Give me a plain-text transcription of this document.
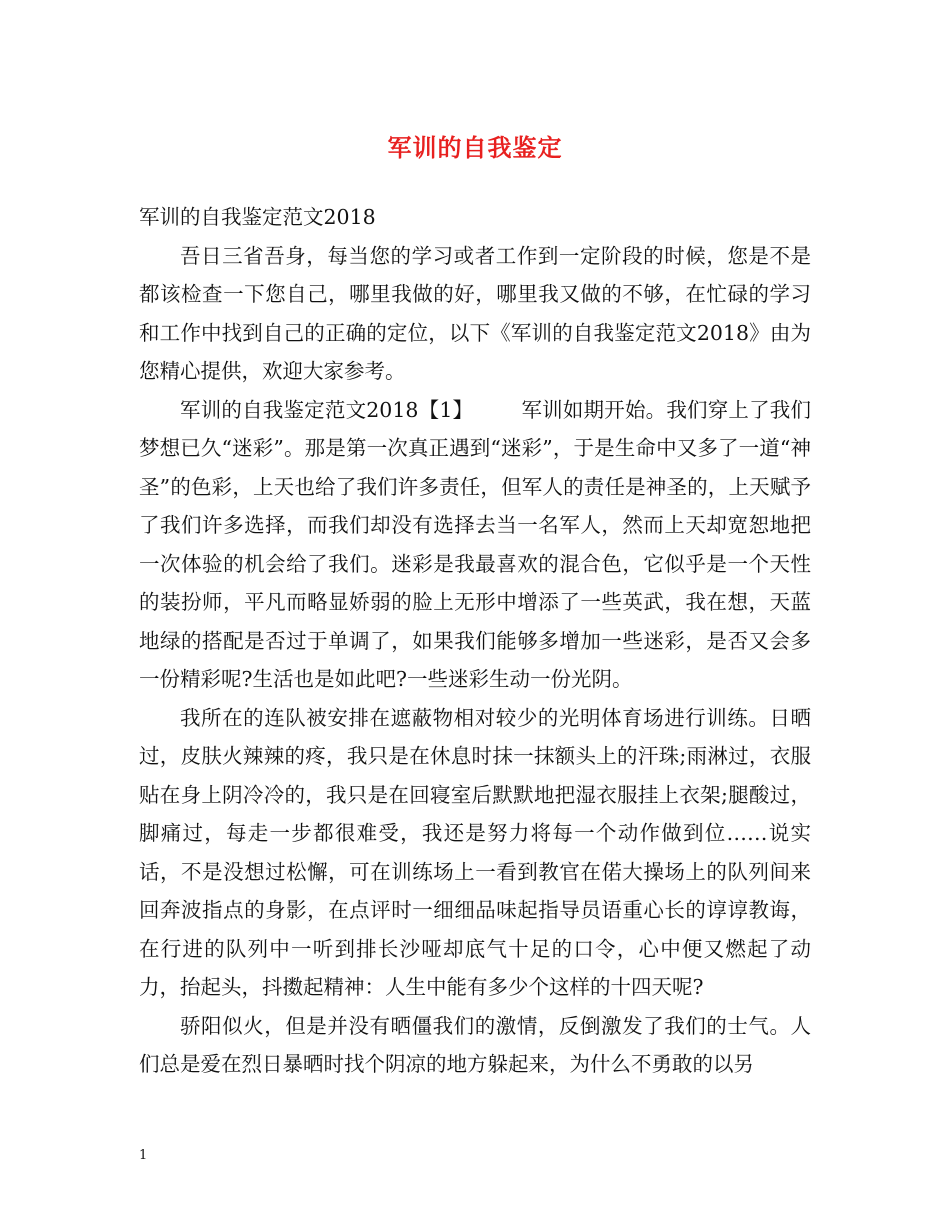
军训的自我鉴定

军训的自我鉴定范文2018

吾日三省吾身，每当您的学习或者工作到一定阶段的时候，您是不是都该检查一下您自己，哪里我做的好，哪里我又做的不够，在忙碌的学习和工作中找到自己的正确的定位，以下《军训的自我鉴定范文2018》由为您精心提供，欢迎大家参考。

军训的自我鉴定范文2018【1】 军训如期开始。我们穿上了我们梦想已久“迷彩”。那是第一次真正遇到“迷彩”，于是生命中又多了一道“神圣”的色彩，上天也给了我们许多责任，但军人的责任是神圣的，上天赋予了我们许多选择，而我们却没有选择去当一名军人，然而上天却宽恕地把一次体验的机会给了我们。迷彩是我最喜欢的混合色，它似乎是一个天性的装扮师，平凡而略显娇弱的脸上无形中增添了一些英武，我在想，天蓝地绿的搭配是否过于单调了，如果我们能够多增加一些迷彩，是否又会多一份精彩呢?生活也是如此吧?一些迷彩生动一份光阴。

我所在的连队被安排在遮蔽物相对较少的光明体育场进行训练。日晒过，皮肤火辣辣的疼，我只是在休息时抹一抹额头上的汗珠;雨淋过，衣服贴在身上阴冷冷的，我只是在回寝室后默默地把湿衣服挂上衣架;腿酸过，脚痛过，每走一步都很难受，我还是努力将每一个动作做到位……说实话，不是没想过松懈，可在训练场上一看到教官在偌大操场上的队列间来回奔波指点的身影，在点评时一细细品味起指导员语重心长的谆谆教诲，在行进的队列中一听到排长沙哑却底气十足的口令，心中便又燃起了动力，抬起头，抖擞起精神：人生中能有多少个这样的十四天呢?

骄阳似火，但是并没有晒僵我们的激情，反倒激发了我们的士气。人们总是爱在烈日暴晒时找个阴凉的地方躲起来，为什么不勇敢的以另

1
